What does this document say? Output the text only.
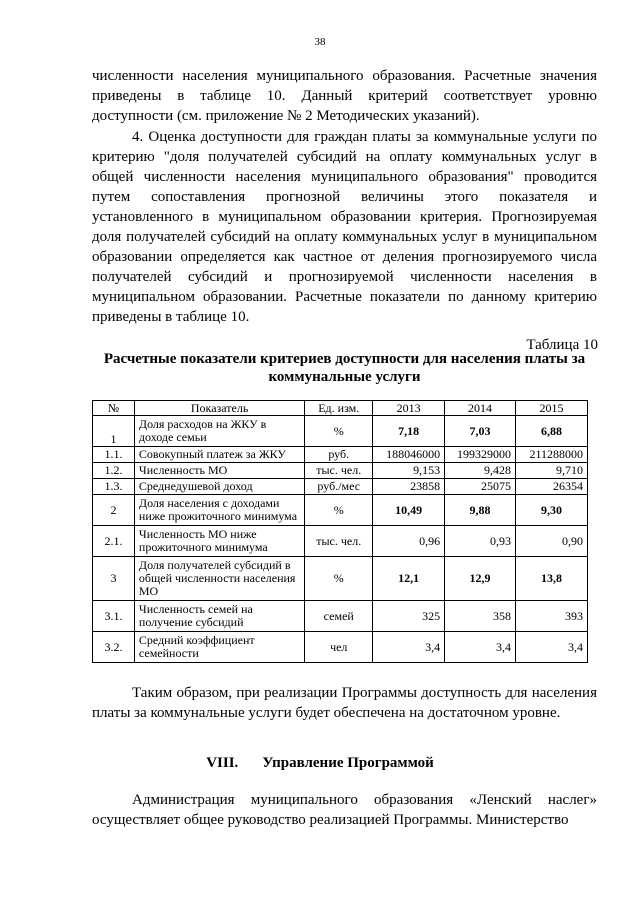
38
численности населения муниципального образования. Расчетные значения приведены в таблице 10. Данный критерий соответствует уровню доступности (см. приложение № 2 Методических указаний).
4. Оценка доступности для граждан платы за коммунальные услуги по критерию "доля получателей субсидий на оплату коммунальных услуг в общей численности населения муниципального образования" проводится путем сопоставления прогнозной величины этого показателя и установленного в муниципальном образовании критерия. Прогнозируемая доля получателей субсидий на оплату коммунальных услуг в муниципальном образовании определяется как частное от деления прогнозируемого числа получателей субсидий и прогнозируемой численности населения в муниципальном образовании. Расчетные показатели по данному критерию приведены в таблице 10.
Таблица 10
Расчетные показатели критериев доступности для населения платы за коммунальные услуги
№	Показатель	Ед. изм.	2013	2014	2015
1	Доля расходов на ЖКУ в доходе семьи	%	7,18	7,03	6,88
1.1.	Совокупный платеж за ЖКУ	руб.	188046000	199329000	211288000
1.2.	Численность МО	тыс. чел.	9,153	9,428	9,710
1.3.	Среднедушевой доход	руб./мес	23858	25075	26354
2	Доля населения с доходами ниже прожиточного минимума	%	10,49	9,88	9,30
2.1.	Численность МО ниже прожиточного минимума	тыс. чел.	0,96	0,93	0,90
3	Доля получателей субсидий в общей численности населения МО	%	12,1	12,9	13,8
3.1.	Численность семей на получение субсидий	семей	325	358	393
3.2.	Средний коэффициент семейности	чел	3,4	3,4	3,4
Таким образом, при реализации Программы доступность для населения платы за коммунальные услуги будет обеспечена на достаточном уровне.
VIII. Управление Программой
Администрация муниципального образования «Ленский наслег» осуществляет общее руководство реализацией Программы. Министерство
